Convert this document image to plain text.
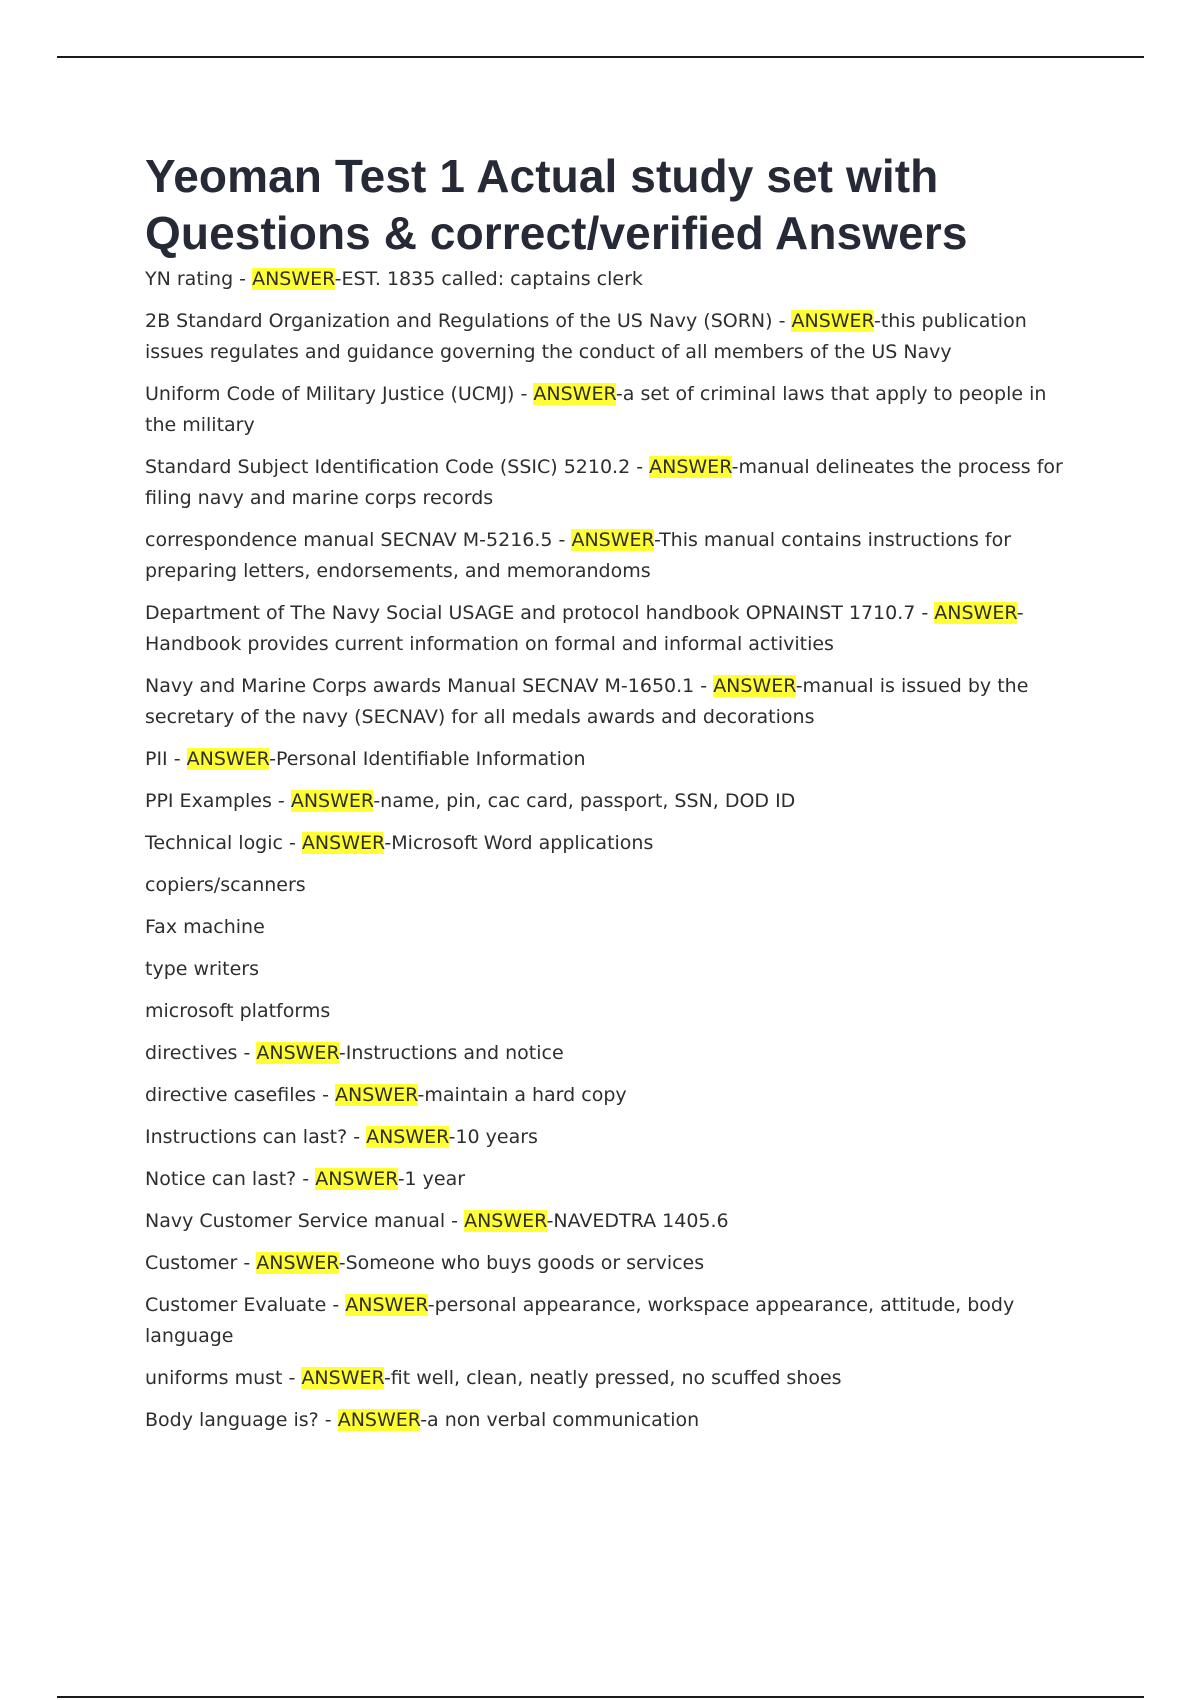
Yeoman Test 1 Actual study set with Questions & correct/verified Answers
YN rating - ANSWER-EST. 1835 called: captains clerk
2B Standard Organization and Regulations of the US Navy (SORN) - ANSWER-this publication issues regulates and guidance governing the conduct of all members of the US Navy
Uniform Code of Military Justice (UCMJ) - ANSWER-a set of criminal laws that apply to people in the military
Standard Subject Identification Code (SSIC) 5210.2 - ANSWER-manual delineates the process for filing navy and marine corps records
correspondence manual SECNAV M-5216.5 - ANSWER-This manual contains instructions for preparing letters, endorsements, and memorandoms
Department of The Navy Social USAGE and protocol handbook OPNAINST 1710.7 - ANSWER-Handbook provides current information on formal and informal activities
Navy and Marine Corps awards Manual SECNAV M-1650.1 - ANSWER-manual is issued by the secretary of the navy (SECNAV) for all medals awards and decorations
PII - ANSWER-Personal Identifiable Information
PPI Examples - ANSWER-name, pin, cac card, passport, SSN, DOD ID
Technical logic - ANSWER-Microsoft Word applications
copiers/scanners
Fax machine
type writers
microsoft platforms
directives - ANSWER-Instructions and notice
directive casefiles - ANSWER-maintain a hard copy
Instructions can last? - ANSWER-10 years
Notice can last? - ANSWER-1 year
Navy Customer Service manual - ANSWER-NAVEDTRA 1405.6
Customer - ANSWER-Someone who buys goods or services
Customer Evaluate - ANSWER-personal appearance, workspace appearance, attitude, body language
uniforms must - ANSWER-fit well, clean, neatly pressed, no scuffed shoes
Body language is? - ANSWER-a non verbal communication
